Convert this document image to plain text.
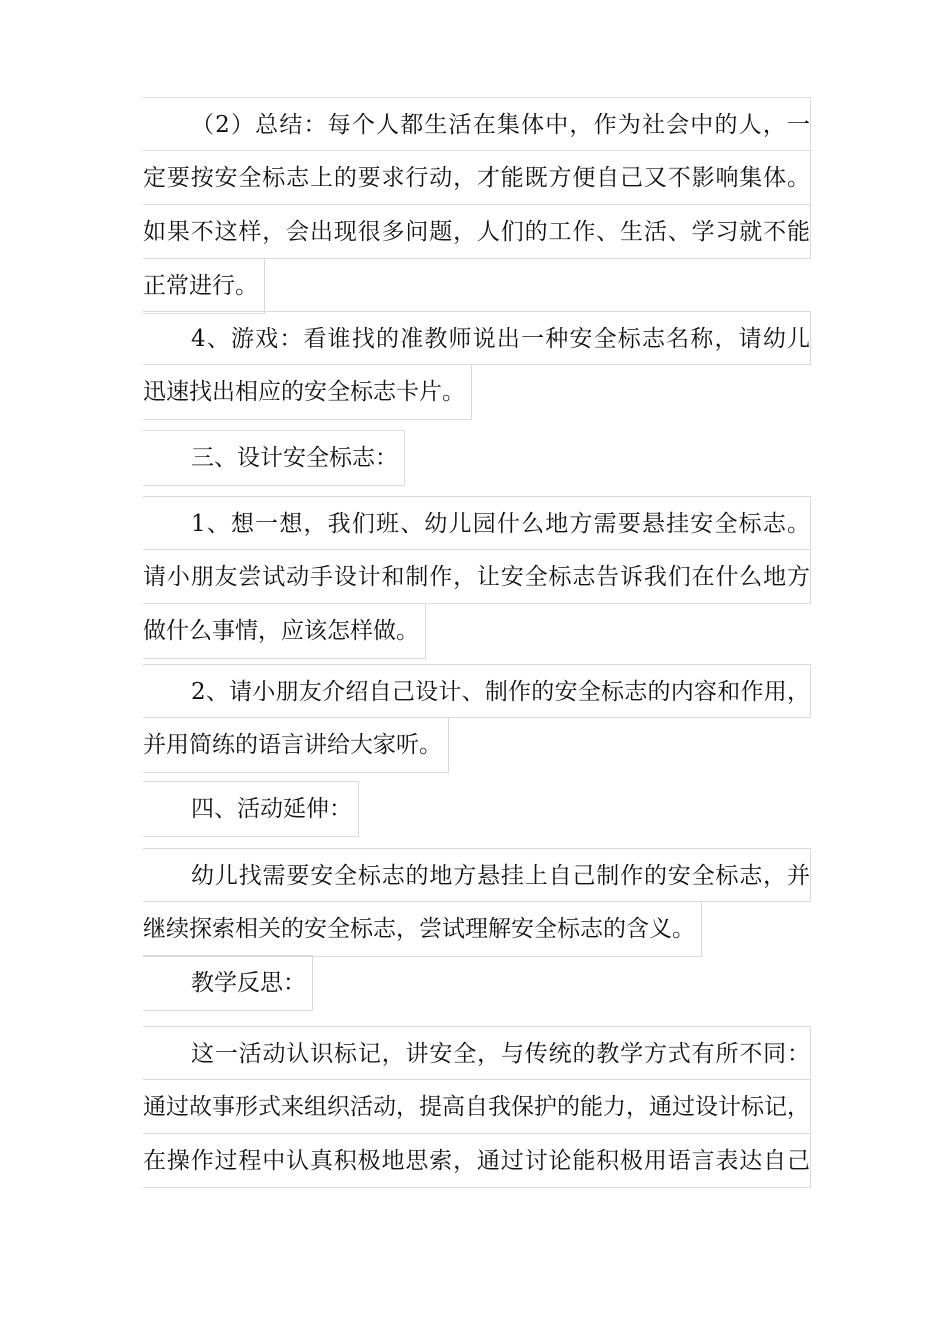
（2）总结：每个人都生活在集体中，作为社会中的人，一
定要按安全标志上的要求行动，才能既方便自己又不影响集体。
如果不这样，会出现很多问题，人们的工作、生活、学习就不能
正常进行。
4、游戏：看谁找的准教师说出一种安全标志名称，请幼儿
迅速找出相应的安全标志卡片。
三、设计安全标志：
1、想一想，我们班、幼儿园什么地方需要悬挂安全标志。
请小朋友尝试动手设计和制作，让安全标志告诉我们在什么地方
做什么事情，应该怎样做。
2、请小朋友介绍自己设计、制作的安全标志的内容和作用，
并用简练的语言讲给大家听。
四、活动延伸：
幼儿找需要安全标志的地方悬挂上自己制作的安全标志，并
继续探索相关的安全标志，尝试理解安全标志的含义。
教学反思：
这一活动认识标记，讲安全，与传统的教学方式有所不同：
通过故事形式来组织活动，提高自我保护的能力，通过设计标记，
在操作过程中认真积极地思索，通过讨论能积极用语言表达自己
